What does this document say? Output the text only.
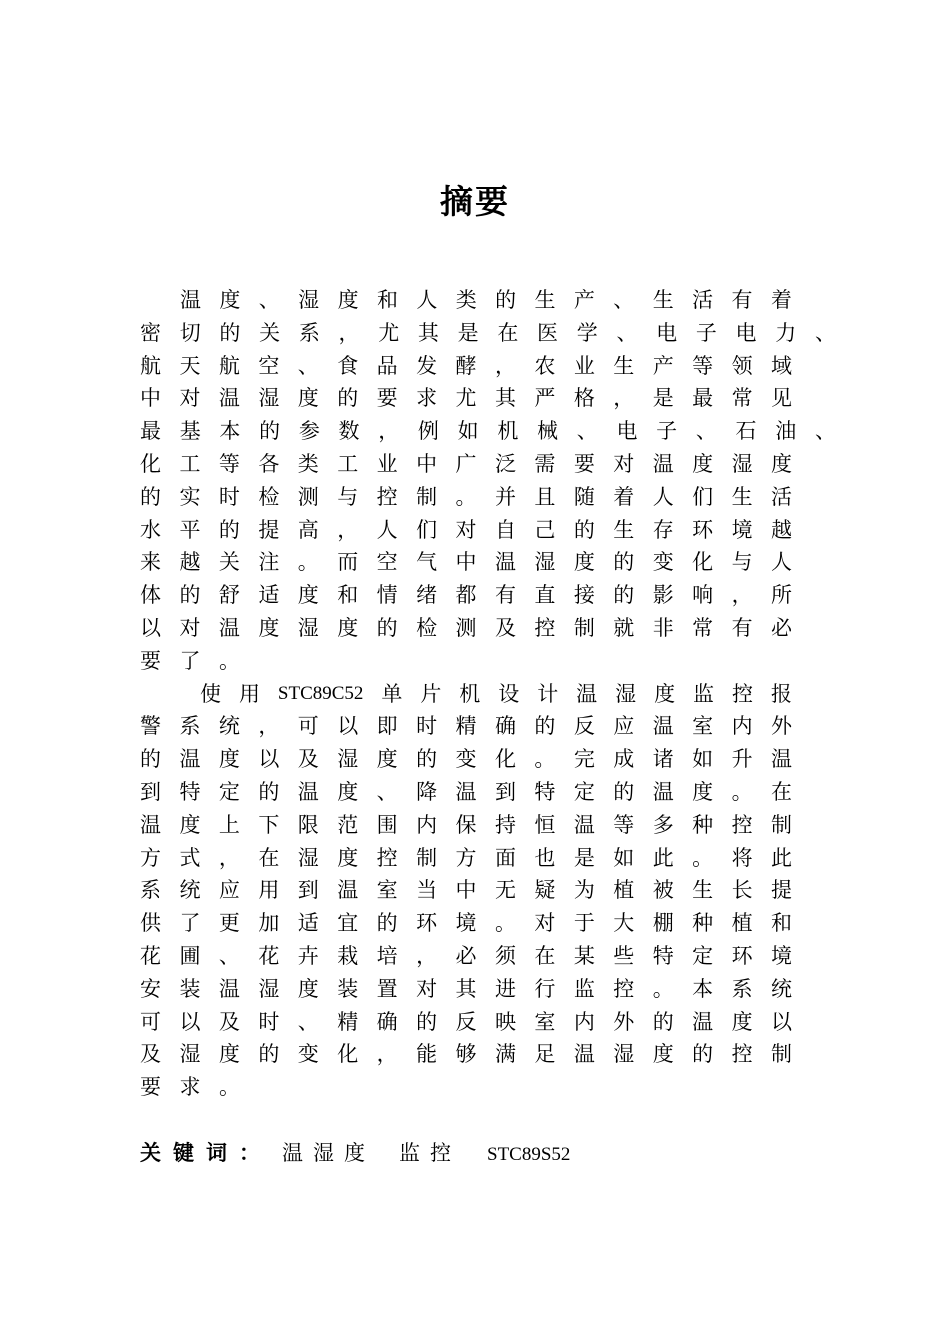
摘要
温 度 、 湿 度 和 人 类 的 生 产 、 生 活 有 着
密 切 的 关 系 ， 尤 其 是 在 医 学 、 电 子 电 力 、
航 天 航 空 、 食 品 发 酵 ， 农 业 生 产 等 领 域
中 对 温 湿 度 的 要 求 尤 其 严 格 ， 是 最 常 见
最 基 本 的 参 数 ， 例 如 机 械 、 电 子 、 石 油 、
化 工 等 各 类 工 业 中 广 泛 需 要 对 温 度 湿 度
的 实 时 检 测 与 控 制 。 并 且 随 着 人 们 生 活
水 平 的 提 高 ， 人 们 对 自 己 的 生 存 环 境 越
来 越 关 注 。 而 空 气 中 温 湿 度 的 变 化 与 人
体 的 舒 适 度 和 情 绪 都 有 直 接 的 影 响 ， 所
以 对 温 度 湿 度 的 检 测 及 控 制 就 非 常 有 必
要 了 。
使 用 STC89C52 单 片 机 设 计 温 湿 度 监 控 报
警 系 统 ， 可 以 即 时 精 确 的 反 应 温 室 内 外
的 温 度 以 及 湿 度 的 变 化 。 完 成 诸 如 升 温
到 特 定 的 温 度 、 降 温 到 特 定 的 温 度 。 在
温 度 上 下 限 范 围 内 保 持 恒 温 等 多 种 控 制
方 式 ， 在 湿 度 控 制 方 面 也 是 如 此 。 将 此
系 统 应 用 到 温 室 当 中 无 疑 为 植 被 生 长 提
供 了 更 加 适 宜 的 环 境 。 对 于 大 棚 种 植 和
花 圃 、 花 卉 栽 培 ， 必 须 在 某 些 特 定 环 境
安 装 温 湿 度 装 置 对 其 进 行 监 控 。 本 系 统
可 以 及 时 、 精 确 的 反 映 室 内 外 的 温 度 以
及 湿 度 的 变 化 ， 能 够 满 足 温 湿 度 的 控 制
要 求 。
关键词： 温湿度 监控 STC89S52
